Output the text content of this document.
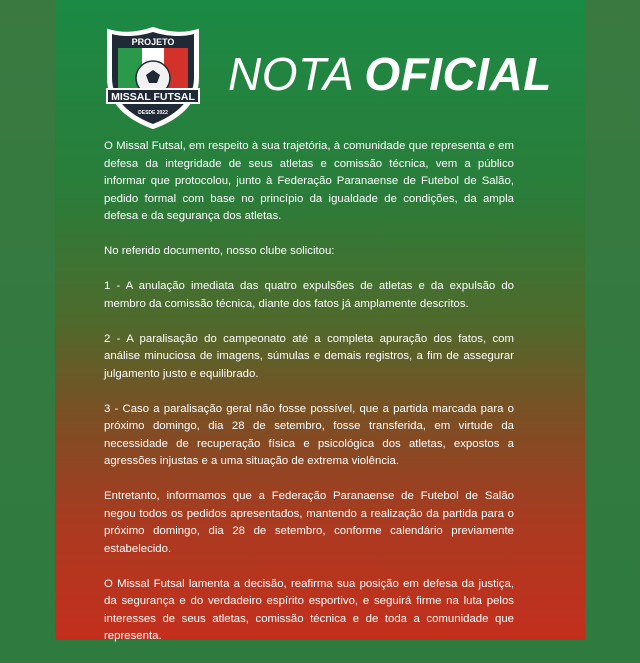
PROJETO
MISSAL FUTSAL
DESDE 2022
NOTA OFICIAL

O Missal Futsal, em respeito à sua trajetória, à comunidade que representa e em defesa da integridade de seus atletas e comissão técnica, vem a público informar que protocolou, junto à Federação Paranaense de Futebol de Salão, pedido formal com base no princípio da igualdade de condições, da ampla defesa e da segurança dos atletas.

No referido documento, nosso clube solicitou:

1 - A anulação imediata das quatro expulsões de atletas e da expulsão do membro da comissão técnica, diante dos fatos já amplamente descritos.

2 - A paralisação do campeonato até a completa apuração dos fatos, com análise minuciosa de imagens, súmulas e demais registros, a fim de assegurar julgamento justo e equilibrado.

3 - Caso a paralisação geral não fosse possível, que a partida marcada para o próximo domingo, dia 28 de setembro, fosse transferida, em virtude da necessidade de recuperação física e psicológica dos atletas, expostos a agressões injustas e a uma situação de extrema violência.

Entretanto, informamos que a Federação Paranaense de Futebol de Salão negou todos os pedidos apresentados, mantendo a realização da partida para o próximo domingo, dia 28 de setembro, conforme calendário previamente estabelecido.

O Missal Futsal lamenta a decisão, reafirma sua posição em defesa da justiça, da segurança e do verdadeiro espírito esportivo, e seguirá firme na luta pelos interesses de seus atletas, comissão técnica e de toda a comunidade que representa.
